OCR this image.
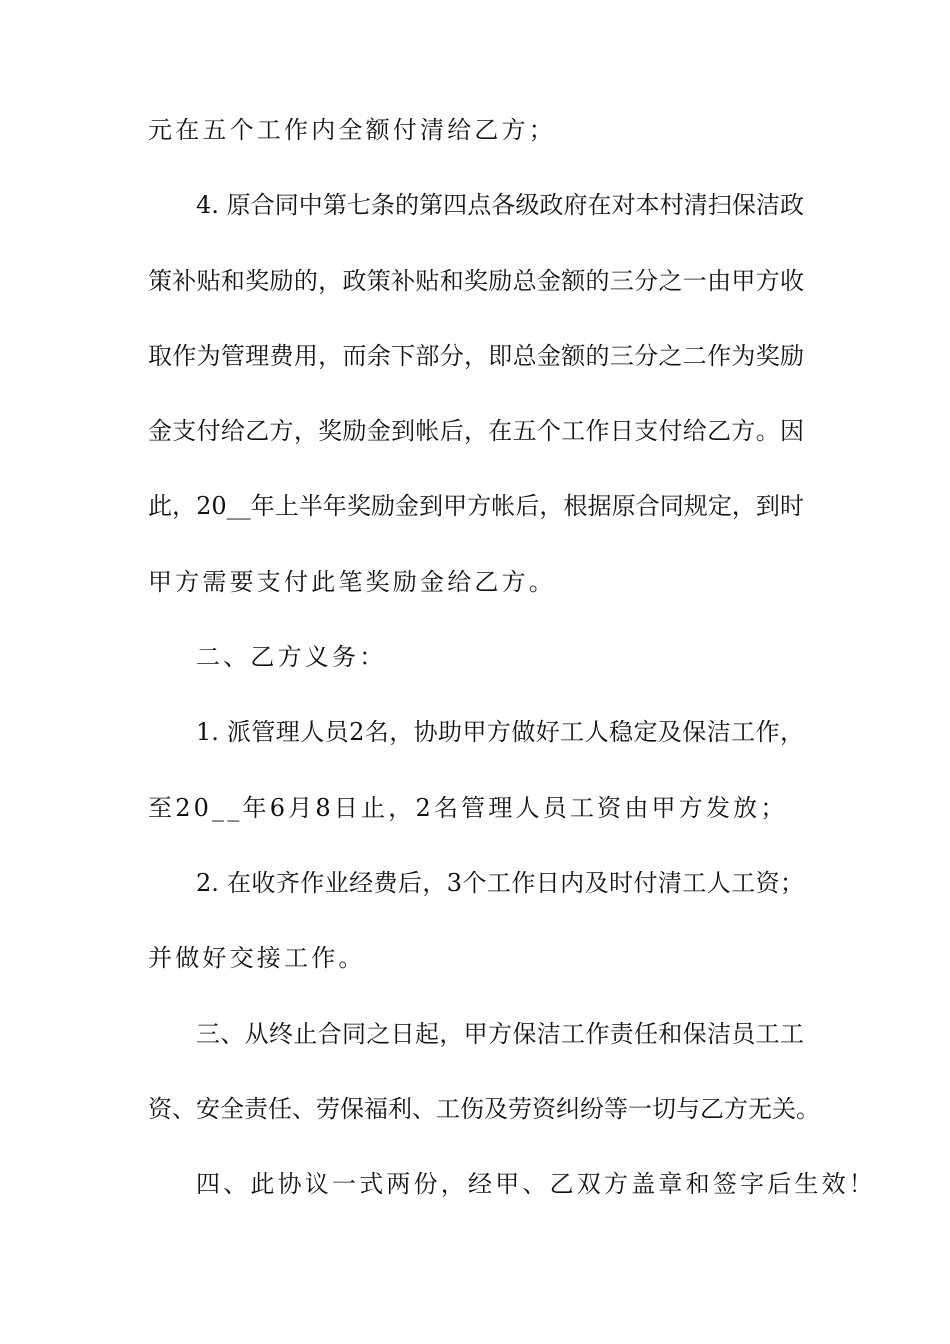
元在五个工作内全额付清给乙方；
4. 原合同中第七条的第四点各级政府在对本村清扫保洁政
策补贴和奖励的，政策补贴和奖励总金额的三分之一由甲方收
取作为管理费用，而余下部分，即总金额的三分之二作为奖励
金支付给乙方，奖励金到帐后，在五个工作日支付给乙方。因
此，20__年上半年奖励金到甲方帐后，根据原合同规定，到时
甲方需要支付此笔奖励金给乙方。
二、乙方义务：
1. 派管理人员2名，协助甲方做好工人稳定及保洁工作，
至20__年6月8日止，2名管理人员工资由甲方发放；
2. 在收齐作业经费后，3个工作日内及时付清工人工资；
并做好交接工作。
三、从终止合同之日起，甲方保洁工作责任和保洁员工工
资、安全责任、劳保福利、工伤及劳资纠纷等一切与乙方无关。
四、此协议一式两份，经甲、乙双方盖章和签字后生效！
